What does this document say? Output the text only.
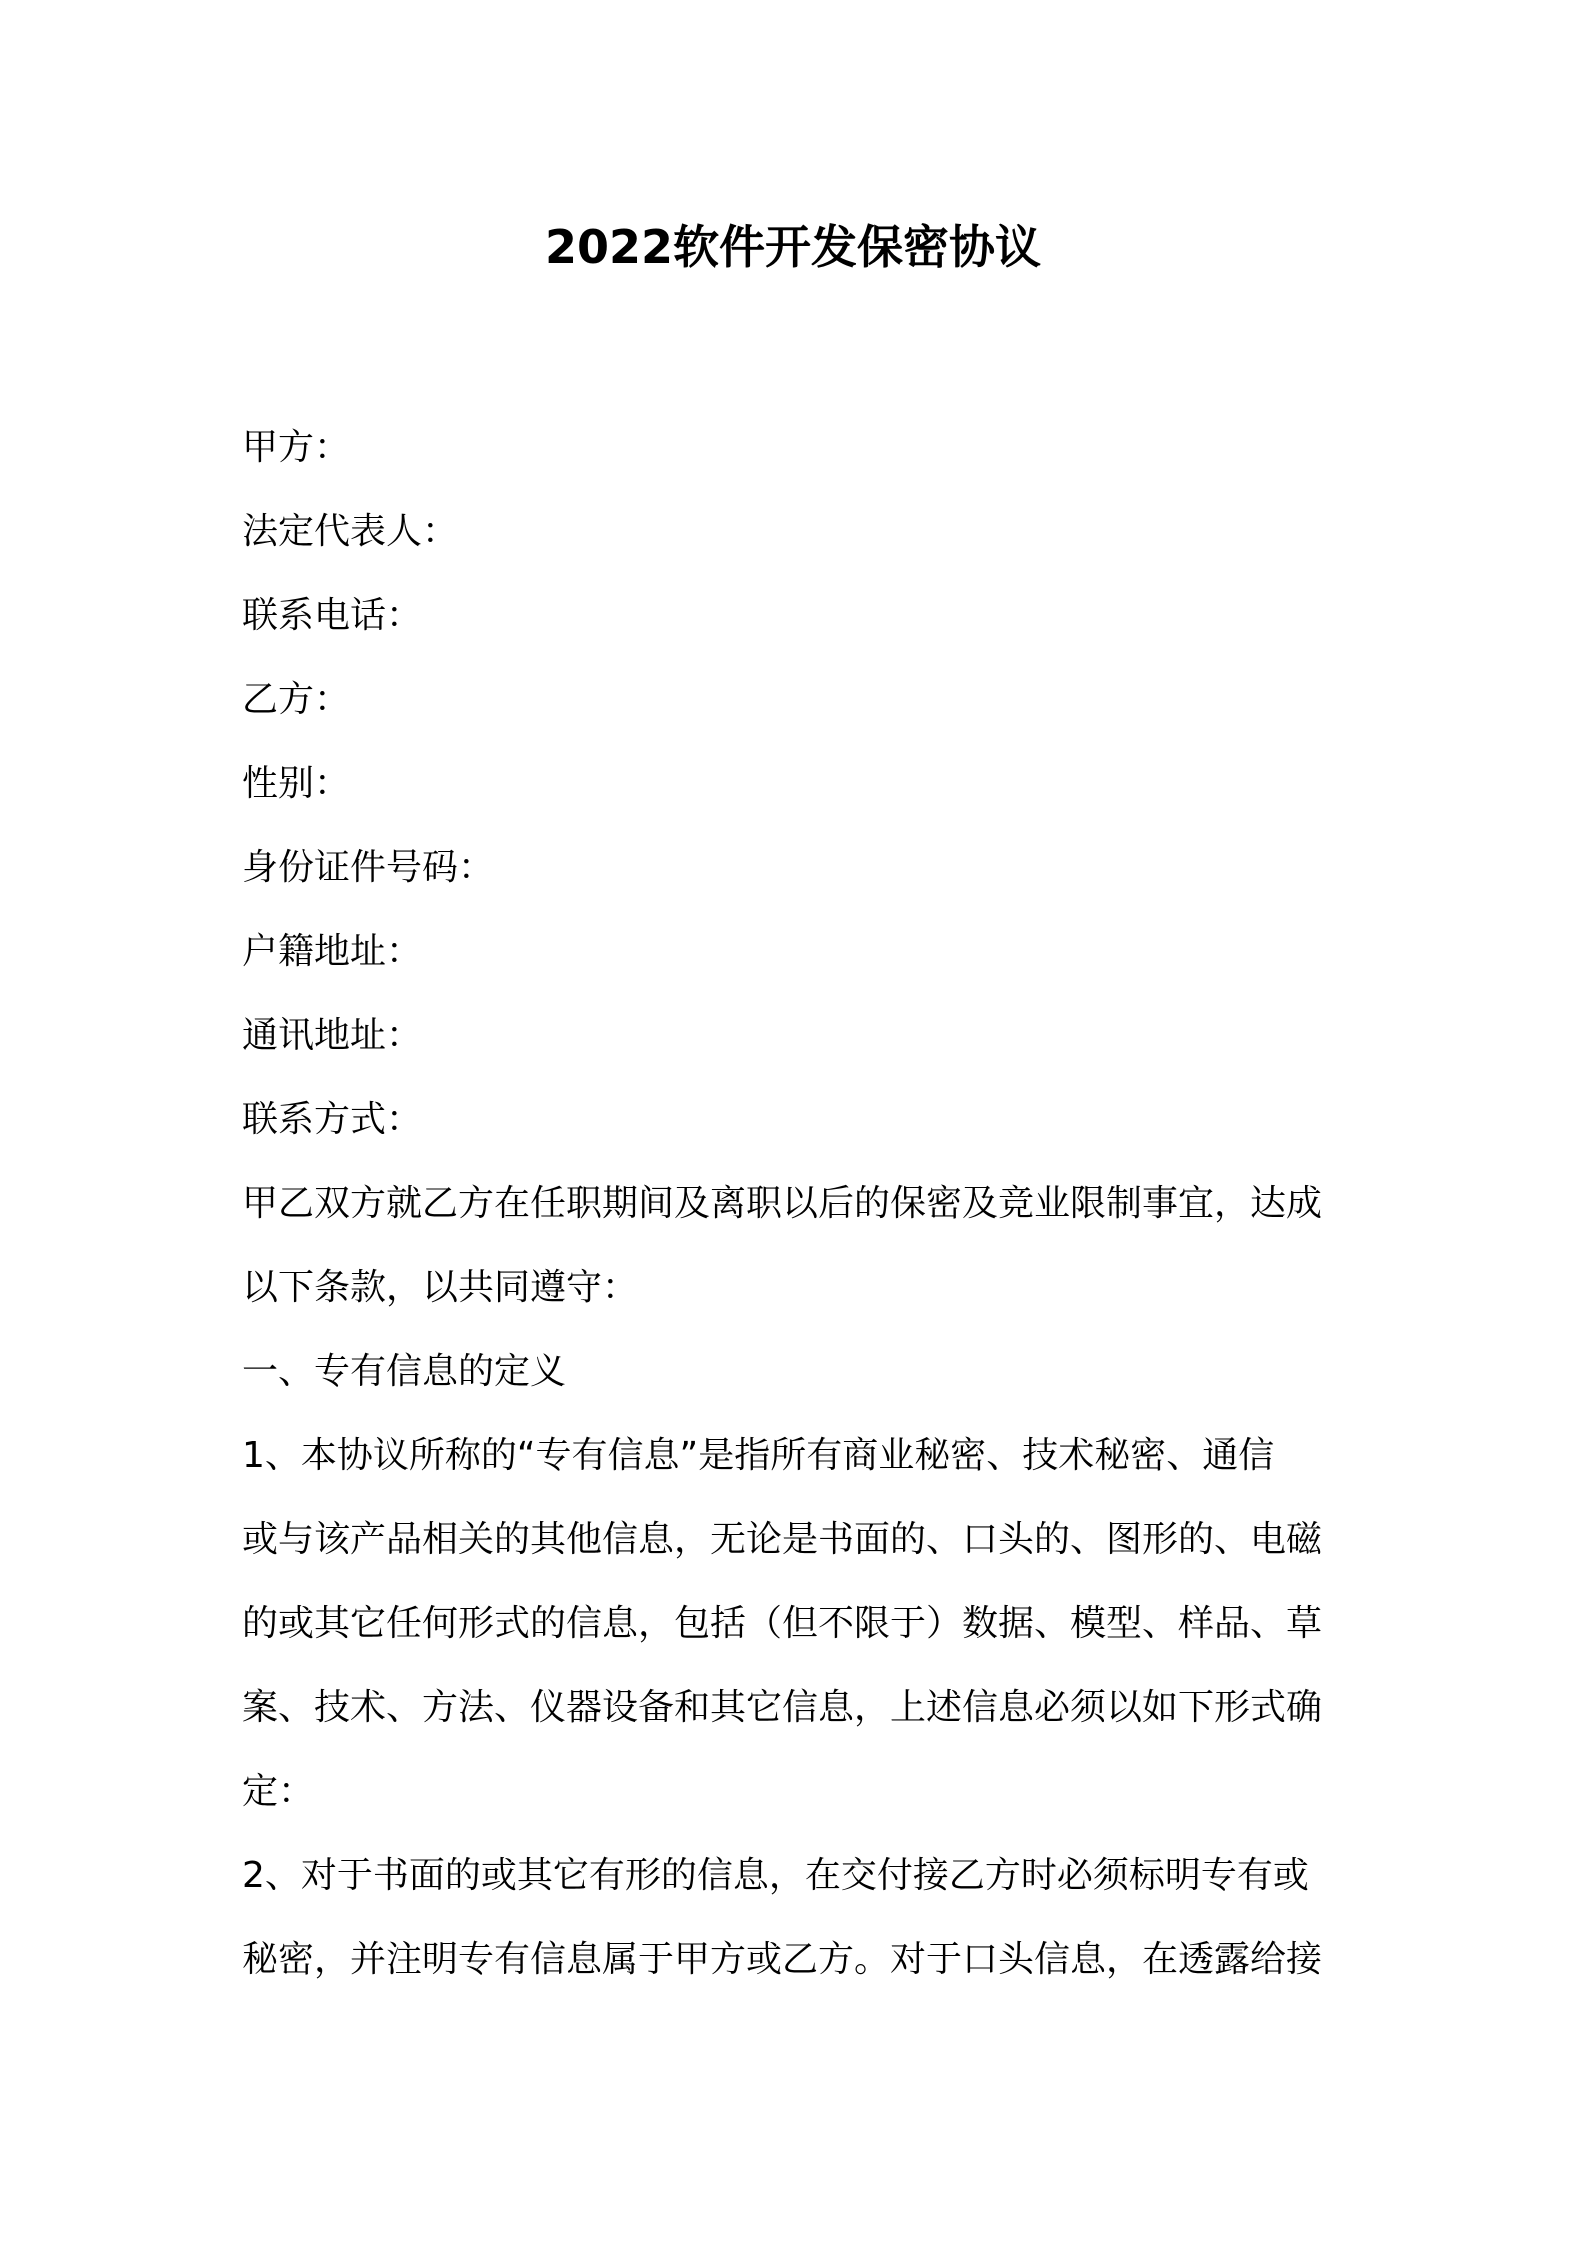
2022软件开发保密协议

甲方：

法定代表人：

联系电话：

乙方：

性别：

身份证件号码：

户籍地址：

通讯地址：

联系方式：

甲乙双方就乙方在任职期间及离职以后的保密及竞业限制事宜，达成

以下条款，以共同遵守：

一、专有信息的定义

1、本协议所称的“专有信息”是指所有商业秘密、技术秘密、通信

或与该产品相关的其他信息，无论是书面的、口头的、图形的、电磁

的或其它任何形式的信息，包括（但不限于）数据、模型、样品、草

案、技术、方法、仪器设备和其它信息，上述信息必须以如下形式确

定：

2、对于书面的或其它有形的信息，在交付接乙方时必须标明专有或

秘密，并注明专有信息属于甲方或乙方。对于口头信息，在透露给接
